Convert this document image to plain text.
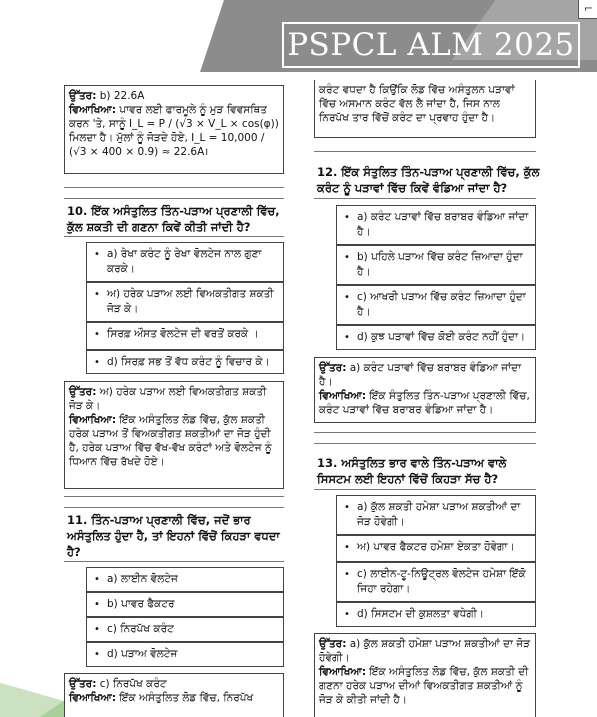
PSPCL ALM 2025
⌐
ਉੱਤਰ: b) 22.6A
ਵਿਆਖਿਆ: ਪਾਵਰ ਲਈ ਫਾਰਮੂਲੇ ਨੂੰ ਮੁੜ ਵਿਵਸਥਿਤ ਕਰਨ 'ਤੇ, ਸਾਨੂੰ I_L = P / (√3 × V_L × cos(φ)) ਮਿਲਦਾ ਹੈ। ਮੁੱਲਾਂ ਨੂੰ ਜੋੜਦੇ ਹੋਏ, I_L = 10,000 / (√3 × 400 × 0.9) ≈ 22.6A।
10. ਇੱਕ ਅਸੰਤੁਲਿਤ ਤਿੰਨ-ਪੜਾਅ ਪ੍ਰਣਾਲੀ ਵਿੱਚ, ਕੁੱਲ ਸ਼ਕਤੀ ਦੀ ਗਣਨਾ ਕਿਵੇਂ ਕੀਤੀ ਜਾਂਦੀ ਹੈ?
• a) ਰੇਖਾ ਕਰੰਟ ਨੂੰ ਰੇਖਾ ਵੋਲਟੇਜ ਨਾਲ ਗੁਣਾ ਕਰਕੇ।
• ਅ) ਹਰੇਕ ਪੜਾਅ ਲਈ ਵਿਅਕਤੀਗਤ ਸ਼ਕਤੀ ਜੋੜ ਕੇ।
• ਸਿਰਫ਼ ਔਸਤ ਵੋਲਟੇਜ ਦੀ ਵਰਤੋਂ ਕਰਕੇ ।
• d) ਸਿਰਫ਼ ਸਭ ਤੋਂ ਵੱਧ ਕਰੰਟ ਨੂੰ ਵਿਚਾਰ ਕੇ।
ਉੱਤਰ: ਅ) ਹਰੇਕ ਪੜਾਅ ਲਈ ਵਿਅਕਤੀਗਤ ਸ਼ਕਤੀ ਜੋੜ ਕੇ।
ਵਿਆਖਿਆ: ਇੱਕ ਅਸੰਤੁਲਿਤ ਲੋਡ ਵਿੱਚ, ਕੁੱਲ ਸ਼ਕਤੀ ਹਰੇਕ ਪੜਾਅ ਤੋਂ ਵਿਅਕਤੀਗਤ ਸ਼ਕਤੀਆਂ ਦਾ ਜੋੜ ਹੁੰਦੀ ਹੈ, ਹਰੇਕ ਪੜਾਅ ਵਿੱਚ ਵੱਖ-ਵੱਖ ਕਰੰਟਾਂ ਅਤੇ ਵੋਲਟੇਜ ਨੂੰ ਧਿਆਨ ਵਿੱਚ ਰੱਖਦੇ ਹੋਏ।
11. ਤਿੰਨ-ਪੜਾਅ ਪ੍ਰਣਾਲੀ ਵਿੱਚ, ਜਦੋਂ ਭਾਰ ਅਸੰਤੁਲਿਤ ਹੁੰਦਾ ਹੈ, ਤਾਂ ਇਹਨਾਂ ਵਿੱਚੋਂ ਕਿਹੜਾ ਵਧਦਾ ਹੈ?
• a) ਲਾਈਨ ਵੋਲਟੇਜ
• b) ਪਾਵਰ ਫੈਕਟਰ
• c) ਨਿਰਪੱਖ ਕਰੰਟ
• d) ਪੜਾਅ ਵੋਲਟੇਜ
ਉੱਤਰ: c) ਨਿਰਪੱਖ ਕਰੰਟ
ਵਿਆਖਿਆ: ਇੱਕ ਅਸੰਤੁਲਿਤ ਲੋਡ ਵਿੱਚ, ਨਿਰਪੱਖ
ਕਰੰਟ ਵਧਦਾ ਹੈ ਕਿਉਂਕਿ ਲੋਡ ਵਿੱਚ ਅਸੰਤੁਲਨ ਪੜਾਵਾਂ ਵਿੱਚ ਅਸਮਾਨ ਕਰੰਟ ਵੱਲ ਲੈ ਜਾਂਦਾ ਹੈ, ਜਿਸ ਨਾਲ ਨਿਰਪੱਖ ਤਾਰ ਵਿੱਚੋਂ ਕਰੰਟ ਦਾ ਪ੍ਰਵਾਹ ਹੁੰਦਾ ਹੈ।
12. ਇੱਕ ਸੰਤੁਲਿਤ ਤਿੰਨ-ਪੜਾਅ ਪ੍ਰਣਾਲੀ ਵਿੱਚ, ਕੁੱਲ ਕਰੰਟ ਨੂੰ ਪੜਾਵਾਂ ਵਿੱਚ ਕਿਵੇਂ ਵੰਡਿਆ ਜਾਂਦਾ ਹੈ?
• a) ਕਰੰਟ ਪੜਾਵਾਂ ਵਿੱਚ ਬਰਾਬਰ ਵੰਡਿਆ ਜਾਂਦਾ ਹੈ।
• b) ਪਹਿਲੇ ਪੜਾਅ ਵਿੱਚ ਕਰੰਟ ਜ਼ਿਆਦਾ ਹੁੰਦਾ ਹੈ।
• c) ਆਖਰੀ ਪੜਾਅ ਵਿੱਚ ਕਰੰਟ ਜ਼ਿਆਦਾ ਹੁੰਦਾ ਹੈ।
• d) ਕੁਝ ਪੜਾਵਾਂ ਵਿੱਚ ਕੋਈ ਕਰੰਟ ਨਹੀਂ ਹੁੰਦਾ।
ਉੱਤਰ: a) ਕਰੰਟ ਪੜਾਵਾਂ ਵਿੱਚ ਬਰਾਬਰ ਵੰਡਿਆ ਜਾਂਦਾ ਹੈ।
ਵਿਆਖਿਆ: ਇੱਕ ਸੰਤੁਲਿਤ ਤਿੰਨ-ਪੜਾਅ ਪ੍ਰਣਾਲੀ ਵਿੱਚ, ਕਰੰਟ ਪੜਾਵਾਂ ਵਿੱਚ ਬਰਾਬਰ ਵੰਡਿਆ ਜਾਂਦਾ ਹੈ।
13. ਅਸੰਤੁਲਿਤ ਭਾਰ ਵਾਲੇ ਤਿੰਨ-ਪੜਾਅ ਵਾਲੇ ਸਿਸਟਮ ਲਈ ਇਹਨਾਂ ਵਿੱਚੋਂ ਕਿਹੜਾ ਸੱਚ ਹੈ?
• a) ਕੁੱਲ ਸ਼ਕਤੀ ਹਮੇਸ਼ਾ ਪੜਾਅ ਸ਼ਕਤੀਆਂ ਦਾ ਜੋੜ ਹੋਵੇਗੀ।
• ਅ) ਪਾਵਰ ਫੈਕਟਰ ਹਮੇਸ਼ਾ ਏਕਤਾ ਹੋਵੇਗਾ।
• c) ਲਾਈਨ-ਟੂ-ਨਿਊਟ੍ਰਲ ਵੋਲਟੇਜ ਹਮੇਸ਼ਾ ਇੱਕੋ ਜਿਹਾ ਰਹੇਗਾ।
• d) ਸਿਸਟਮ ਦੀ ਕੁਸ਼ਲਤਾ ਵਧੇਗੀ।
ਉੱਤਰ: a) ਕੁੱਲ ਸ਼ਕਤੀ ਹਮੇਸ਼ਾ ਪੜਾਅ ਸ਼ਕਤੀਆਂ ਦਾ ਜੋੜ ਹੋਵੇਗੀ।
ਵਿਆਖਿਆ: ਇੱਕ ਅਸੰਤੁਲਿਤ ਲੋਡ ਵਿੱਚ, ਕੁੱਲ ਸ਼ਕਤੀ ਦੀ ਗਣਨਾ ਹਰੇਕ ਪੜਾਅ ਦੀਆਂ ਵਿਅਕਤੀਗਤ ਸ਼ਕਤੀਆਂ ਨੂੰ ਜੋੜ ਕੇ ਕੀਤੀ ਜਾਂਦੀ ਹੈ।
